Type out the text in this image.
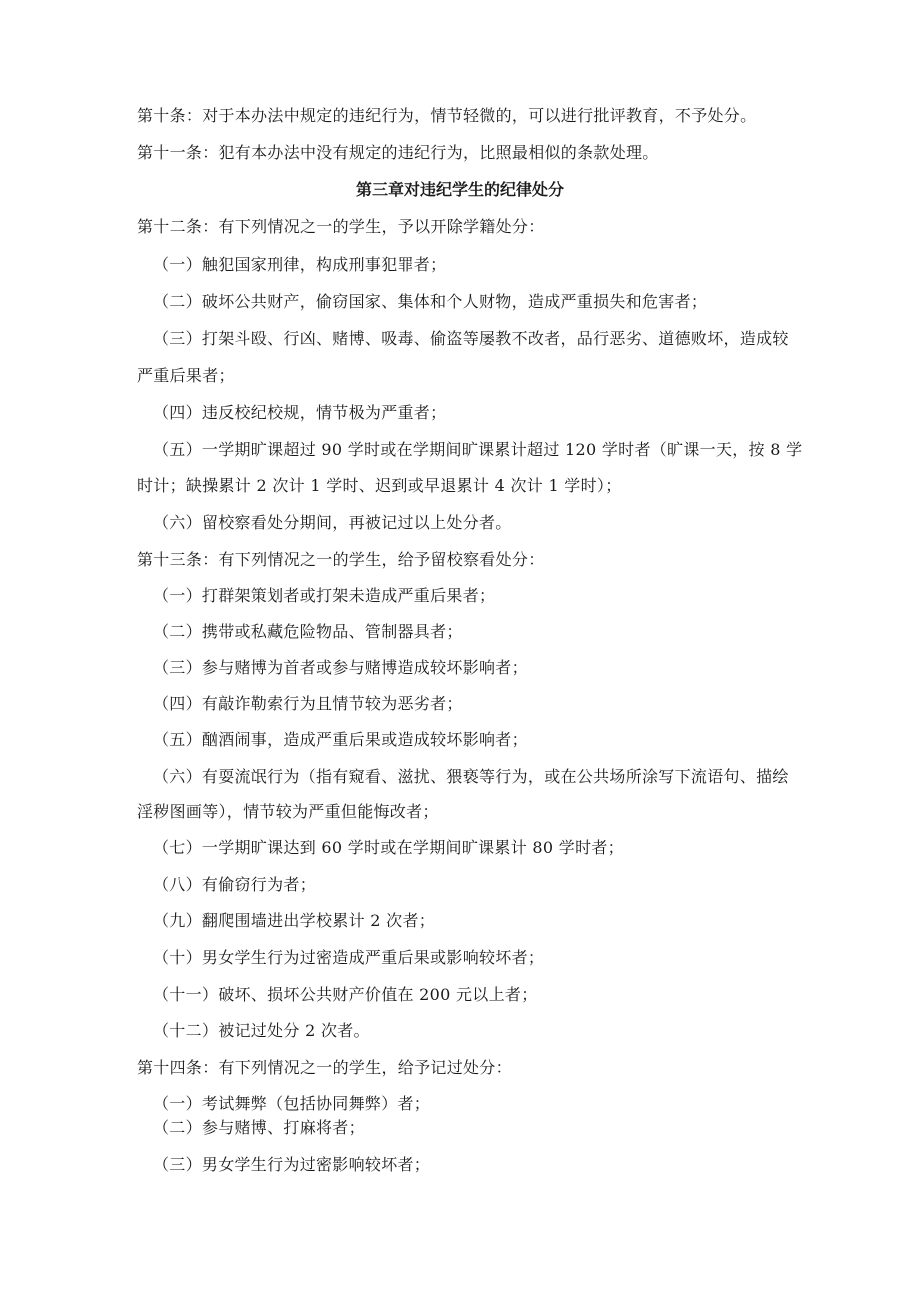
第十条：对于本办法中规定的违纪行为，情节轻微的，可以进行批评教育，不予处分。
第十一条：犯有本办法中没有规定的违纪行为，比照最相似的条款处理。
第三章对违纪学生的纪律处分
第十二条：有下列情况之一的学生，予以开除学籍处分：
（一）触犯国家刑律，构成刑事犯罪者；
（二）破坏公共财产，偷窃国家、集体和个人财物，造成严重损失和危害者；
（三）打架斗殴、行凶、赌博、吸毒、偷盗等屡教不改者，品行恶劣、道德败坏，造成较
严重后果者；
（四）违反校纪校规，情节极为严重者；
（五）一学期旷课超过 90 学时或在学期间旷课累计超过 120 学时者（旷课一天，按 8 学
时计；缺操累计 2 次计 1 学时、迟到或早退累计 4 次计 1 学时）；
（六）留校察看处分期间，再被记过以上处分者。
第十三条：有下列情况之一的学生，给予留校察看处分：
（一）打群架策划者或打架未造成严重后果者；
（二）携带或私藏危险物品、管制器具者；
（三）参与赌博为首者或参与赌博造成较坏影响者；
（四）有敲诈勒索行为且情节较为恶劣者；
（五）酗酒闹事，造成严重后果或造成较坏影响者；
（六）有耍流氓行为（指有窥看、滋扰、猥亵等行为，或在公共场所涂写下流语句、描绘
淫秽图画等），情节较为严重但能悔改者；
（七）一学期旷课达到 60 学时或在学期间旷课累计 80 学时者；
（八）有偷窃行为者；
（九）翻爬围墙进出学校累计 2 次者；
（十）男女学生行为过密造成严重后果或影响较坏者；
（十一）破坏、损坏公共财产价值在 200 元以上者；
（十二）被记过处分 2 次者。
第十四条：有下列情况之一的学生，给予记过处分：
（一）考试舞弊（包括协同舞弊）者；
（二）参与赌博、打麻将者；
（三）男女学生行为过密影响较坏者；
